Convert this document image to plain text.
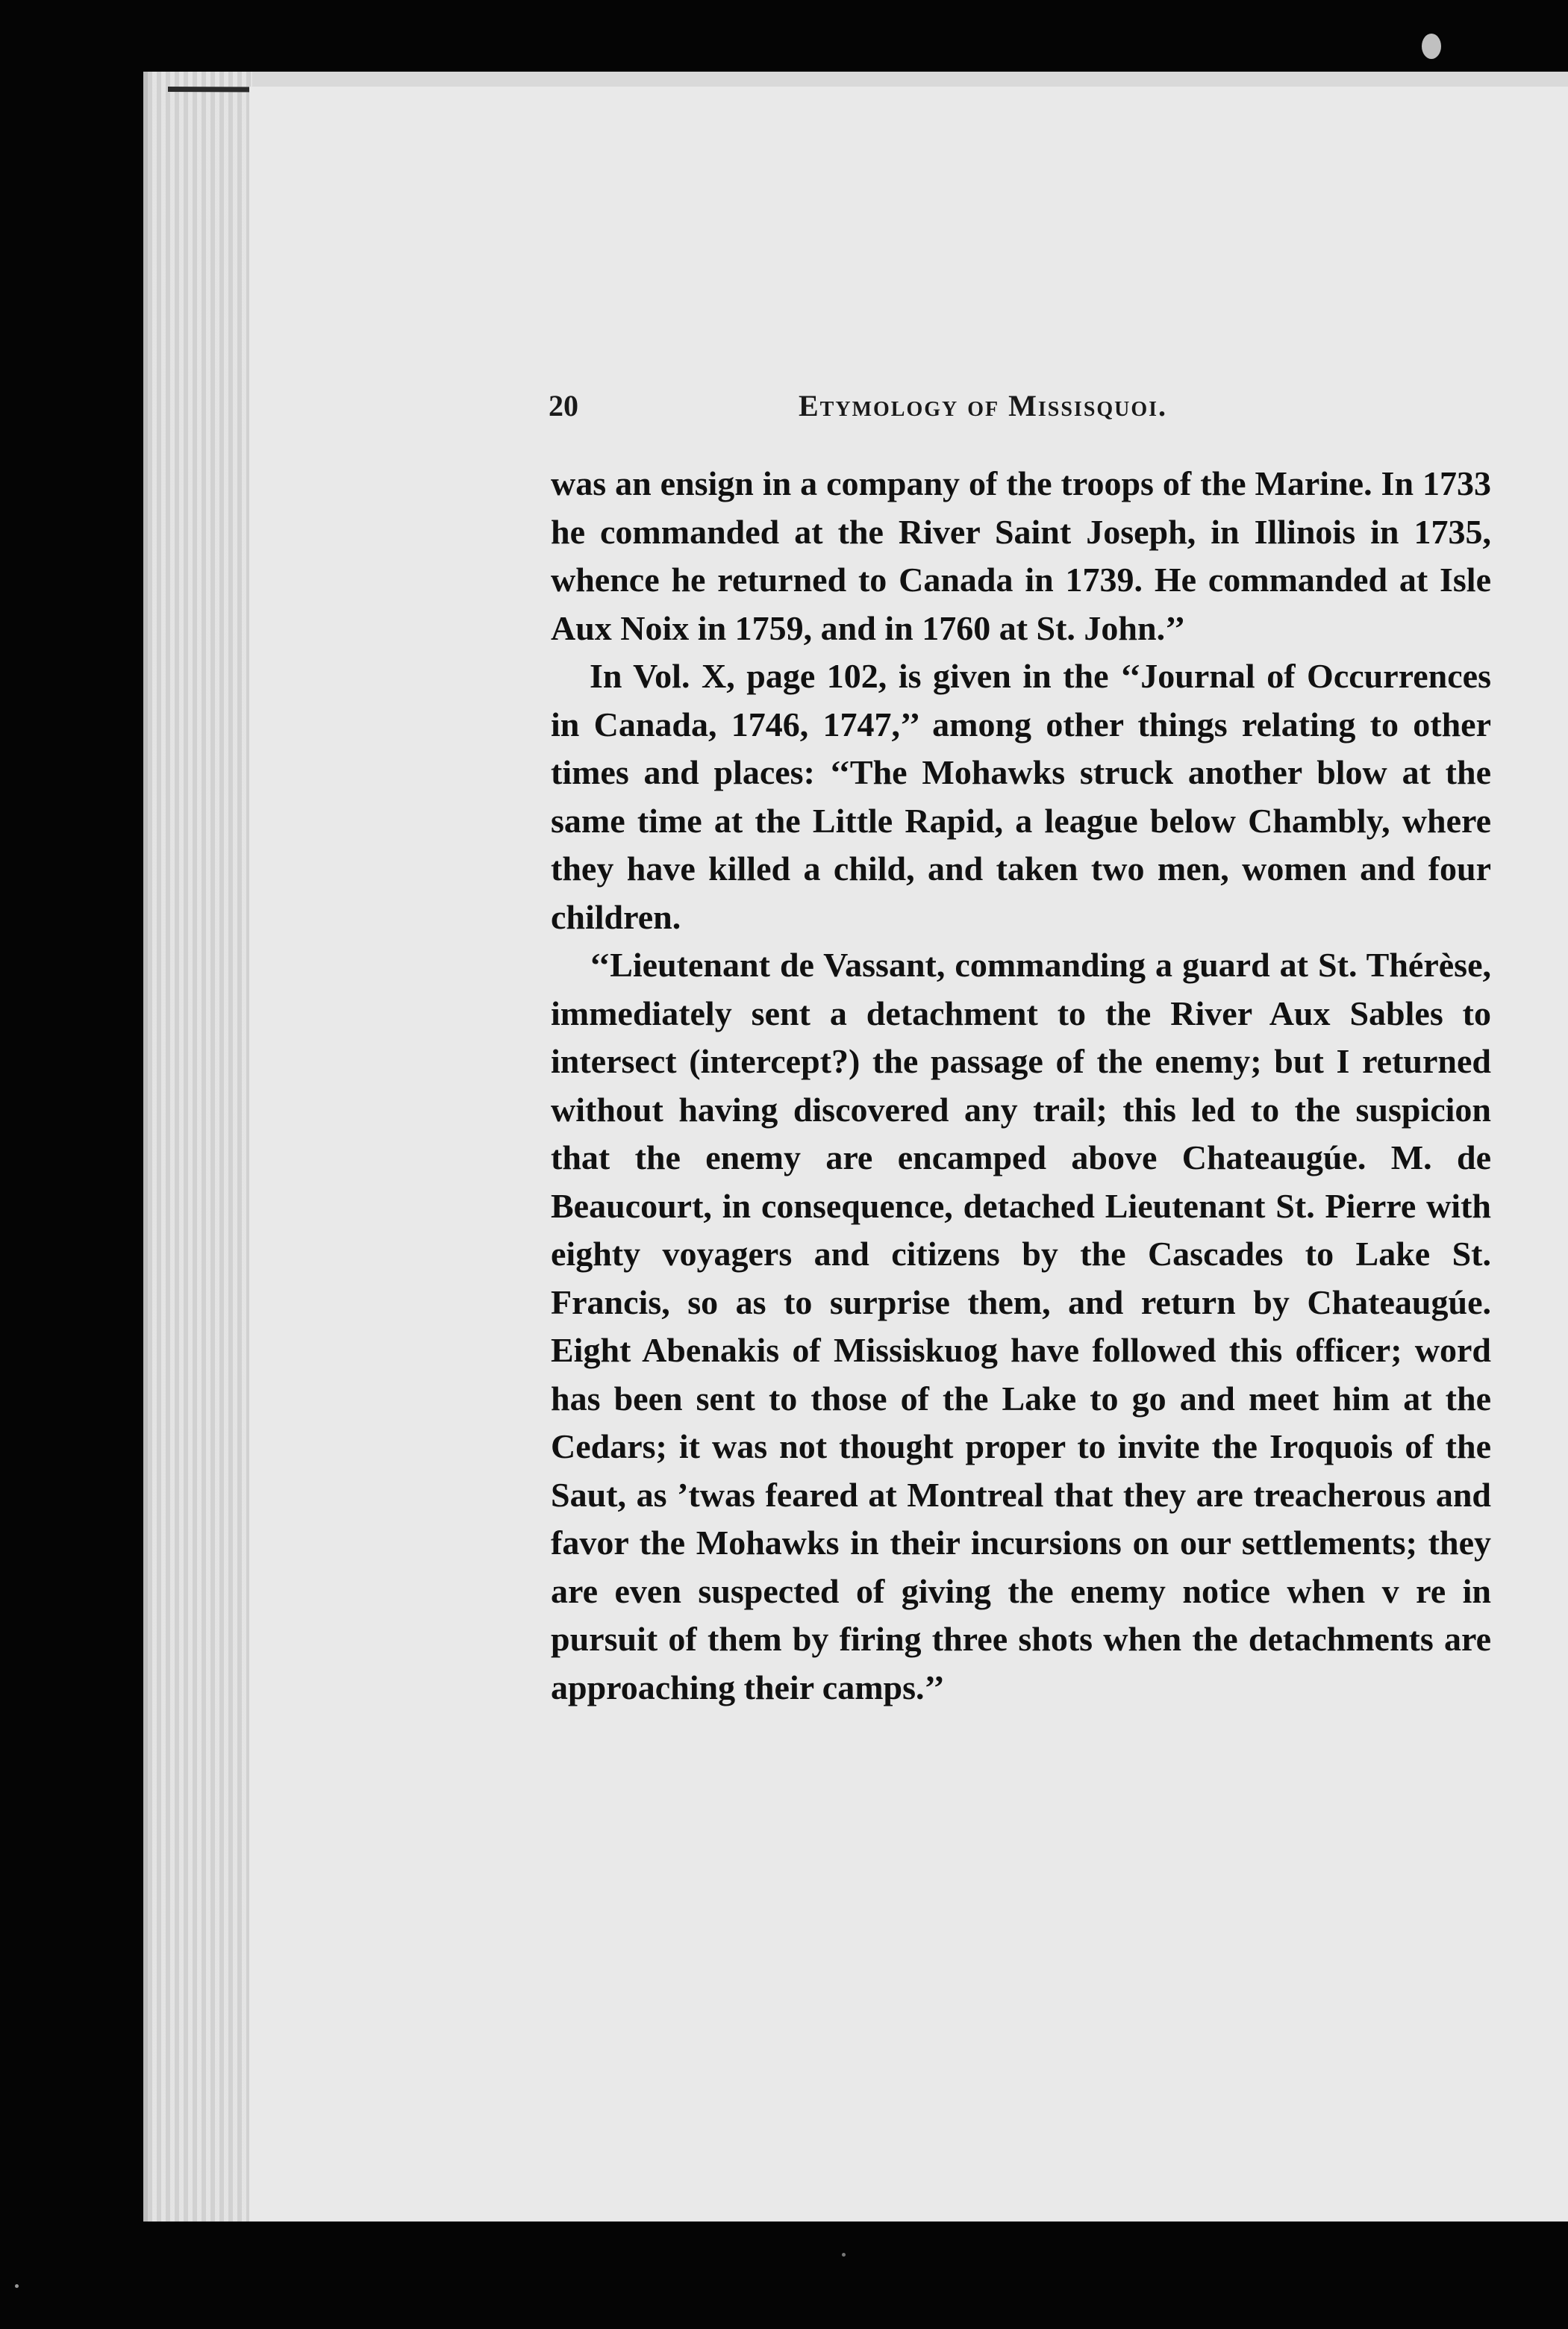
20	Etymology of Missisquoi.

was an ensign in a company of the troops of the Marine. In 1733 he commanded at the River Saint Joseph, in Illinois in 1735, whence he returned to Canada in 1739. He commanded at Isle Aux Noix in 1759, and in 1760 at St. John.’’

In Vol. X, page 102, is given in the ‘‘Journal of Occurrences in Canada, 1746, 1747,’’ among other things relating to other times and places: ‘‘The Mohawks struck another blow at the same time at the Little Rapid, a league below Chambly, where they have killed a child, and taken two men, women and four children.

‘‘Lieutenant de Vassant, commanding a guard at St. Thérèse, immediately sent a detachment to the River Aux Sables to intersect (intercept?) the passage of the enemy; but I returned without having discovered any trail; this led to the suspicion that the enemy are encamped above Chateaugúe. M. de Beaucourt, in consequence, detached Lieutenant St. Pierre with eighty voyagers and citizens by the Cascades to Lake St. Francis, so as to surprise them, and return by Chateaugúe. Eight Abenakis of Missiskuog have followed this officer; word has been sent to those of the Lake to go and meet him at the Cedars; it was not thought proper to invite the Iroquois of the Saut, as ’twas feared at Montreal that they are treacherous and favor the Mohawks in their incursions on our settlements; they are even suspected of giving the enemy notice when v re in pursuit of them by firing three shots when the detachments are approaching their camps.’’
